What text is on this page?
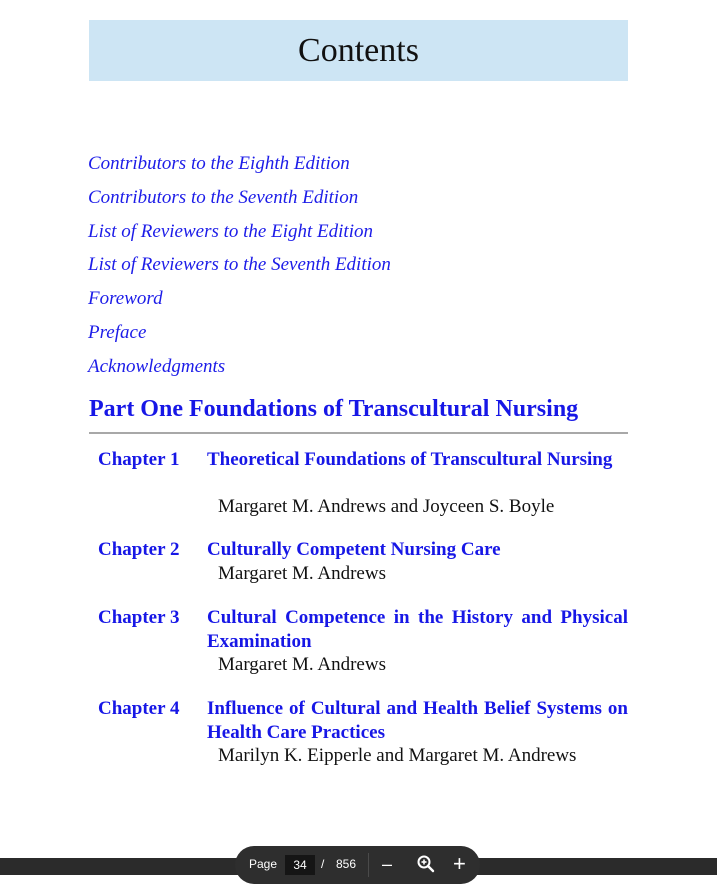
Contents
Contributors to the Eighth Edition
Contributors to the Seventh Edition
List of Reviewers to the Eight Edition
List of Reviewers to the Seventh Edition
Foreword
Preface
Acknowledgments
Part One Foundations of Transcultural Nursing
Chapter 1 Theoretical Foundations of Transcultural Nursing
Margaret M. Andrews and Joyceen S. Boyle
Chapter 2 Culturally Competent Nursing Care
Margaret M. Andrews
Chapter 3 Cultural Competence in the History and Physical Examination
Margaret M. Andrews
Chapter 4 Influence of Cultural and Health Belief Systems on Health Care Practices
Marilyn K. Eipperle and Margaret M. Andrews
Page	34	/ 856 –	+
